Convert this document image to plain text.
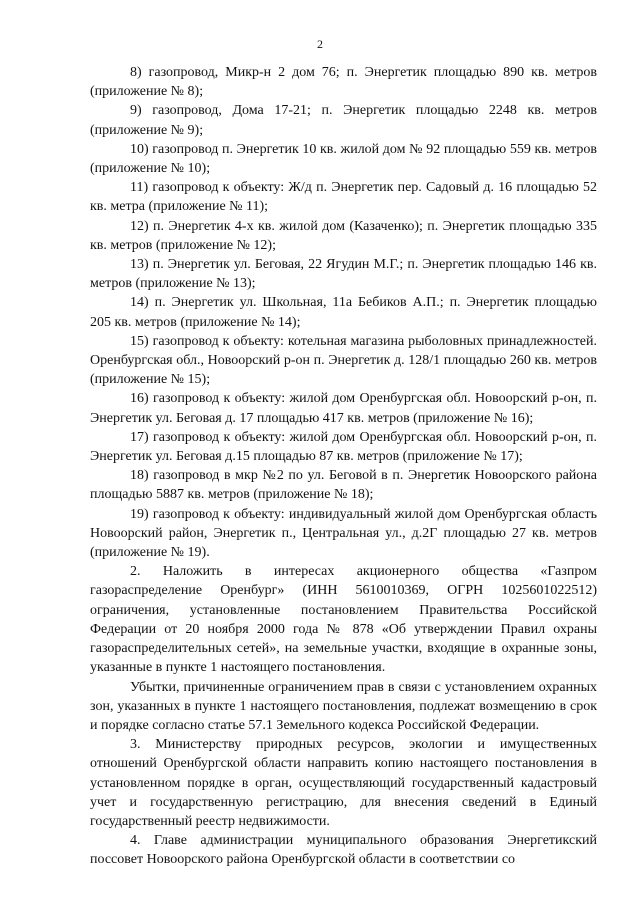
2

8) газопровод, Микр-н 2 дом 76; п. Энергетик площадью 890 кв. метров (приложение № 8);

9) газопровод, Дома 17-21; п. Энергетик площадью 2248 кв. метров (приложение № 9);

10) газопровод п. Энергетик 10 кв. жилой дом № 92 площадью 559 кв. метров (приложение № 10);

11) газопровод к объекту: Ж/д п. Энергетик пер. Садовый д. 16 площадью 52 кв. метра (приложение № 11);

12) п. Энергетик 4-х кв. жилой дом (Казаченко); п. Энергетик площадью 335 кв. метров (приложение № 12);

13) п. Энергетик ул. Беговая, 22 Ягудин М.Г.; п. Энергетик площадью 146 кв. метров (приложение № 13);

14) п. Энергетик ул. Школьная, 11а Бебиков А.П.; п. Энергетик площадью 205 кв. метров (приложение № 14);

15) газопровод к объекту: котельная магазина рыболовных принадлежностей. Оренбургская обл., Новоорский р-он п. Энергетик д. 128/1 площадью 260 кв. метров (приложение № 15);

16) газопровод к объекту: жилой дом Оренбургская обл. Новоорский р-он, п. Энергетик ул. Беговая д. 17 площадью 417 кв. метров (приложение № 16);

17) газопровод к объекту: жилой дом Оренбургская обл. Новоорский р-он, п. Энергетик ул. Беговая д.15 площадью 87 кв. метров (приложение № 17);

18) газопровод в мкр №2 по ул. Беговой в п. Энергетик Новоорского района площадью 5887 кв. метров (приложение № 18);

19) газопровод к объекту: индивидуальный жилой дом Оренбургская область Новоорский район, Энергетик п., Центральная ул., д.2Г площадью 27 кв. метров (приложение № 19).

2. Наложить в интересах акционерного общества «Газпром газораспределение Оренбург» (ИНН 5610010369, ОГРН 1025601022512) ограничения, установленные постановлением Правительства Российской Федерации от 20 ноября 2000 года № 878 «Об утверждении Правил охраны газораспределительных сетей», на земельные участки, входящие в охранные зоны, указанные в пункте 1 настоящего постановления.

Убытки, причиненные ограничением прав в связи с установлением охранных зон, указанных в пункте 1 настоящего постановления, подлежат возмещению в срок и порядке согласно статье 57.1 Земельного кодекса Российской Федерации.

3. Министерству природных ресурсов, экологии и имущественных отношений Оренбургской области направить копию настоящего постановления в установленном порядке в орган, осуществляющий государственный кадастровый учет и государственную регистрацию, для внесения сведений в Единый государственный реестр недвижимости.

4. Главе администрации муниципального образования Энергетикский поссовет Новоорского района Оренбургской области в соответствии со
